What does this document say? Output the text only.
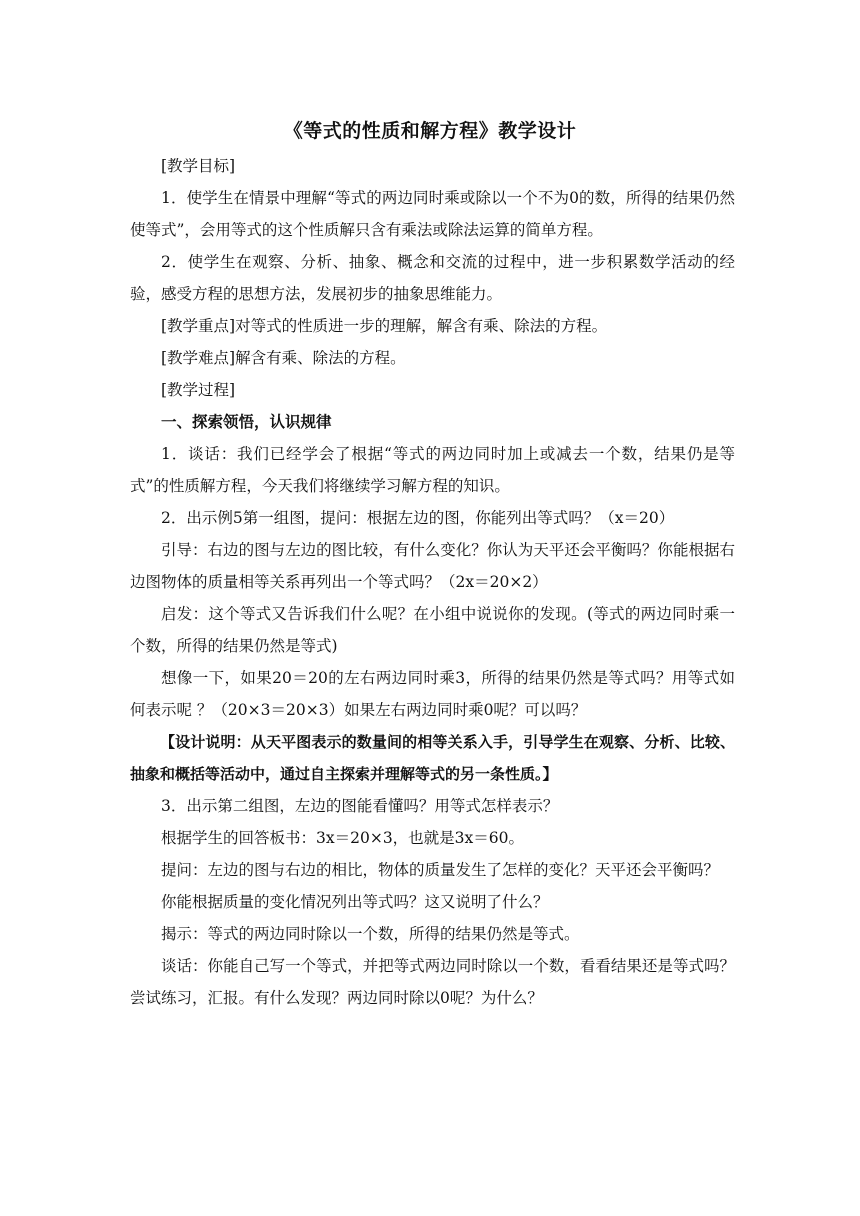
《等式的性质和解方程》教学设计

[教学目标]

1．使学生在情景中理解“等式的两边同时乘或除以一个不为0的数，所得的结果仍然使等式”，会用等式的这个性质解只含有乘法或除法运算的简单方程。

2．使学生在观察、分析、抽象、概念和交流的过程中，进一步积累数学活动的经验，感受方程的思想方法，发展初步的抽象思维能力。

[教学重点]对等式的性质进一步的理解，解含有乘、除法的方程。

[教学难点]解含有乘、除法的方程。

[教学过程]

一、探索领悟，认识规律

1．谈话：我们已经学会了根据“等式的两边同时加上或减去一个数，结果仍是等式”的性质解方程，今天我们将继续学习解方程的知识。

2．出示例5第一组图，提问：根据左边的图，你能列出等式吗？（x＝20）

引导：右边的图与左边的图比较，有什么变化？你认为天平还会平衡吗？你能根据右边图物体的质量相等关系再列出一个等式吗？（2x＝20×2）

启发：这个等式又告诉我们什么呢？在小组中说说你的发现。(等式的两边同时乘一个数，所得的结果仍然是等式)

想像一下，如果20＝20的左右两边同时乘3，所得的结果仍然是等式吗？用等式如何表示呢 ？（20×3＝20×3）如果左右两边同时乘0呢？可以吗？

【设计说明：从天平图表示的数量间的相等关系入手，引导学生在观察、分析、比较、抽象和概括等活动中，通过自主探索并理解等式的另一条性质。】

3．出示第二组图，左边的图能看懂吗？用等式怎样表示？

根据学生的回答板书：3x＝20×3，也就是3x＝60。

提问：左边的图与右边的相比，物体的质量发生了怎样的变化？天平还会平衡吗？

你能根据质量的变化情况列出等式吗？这又说明了什么？

揭示：等式的两边同时除以一个数，所得的结果仍然是等式。

谈话：你能自己写一个等式，并把等式两边同时除以一个数，看看结果还是等式吗？尝试练习，汇报。有什么发现？两边同时除以0呢？为什么？
